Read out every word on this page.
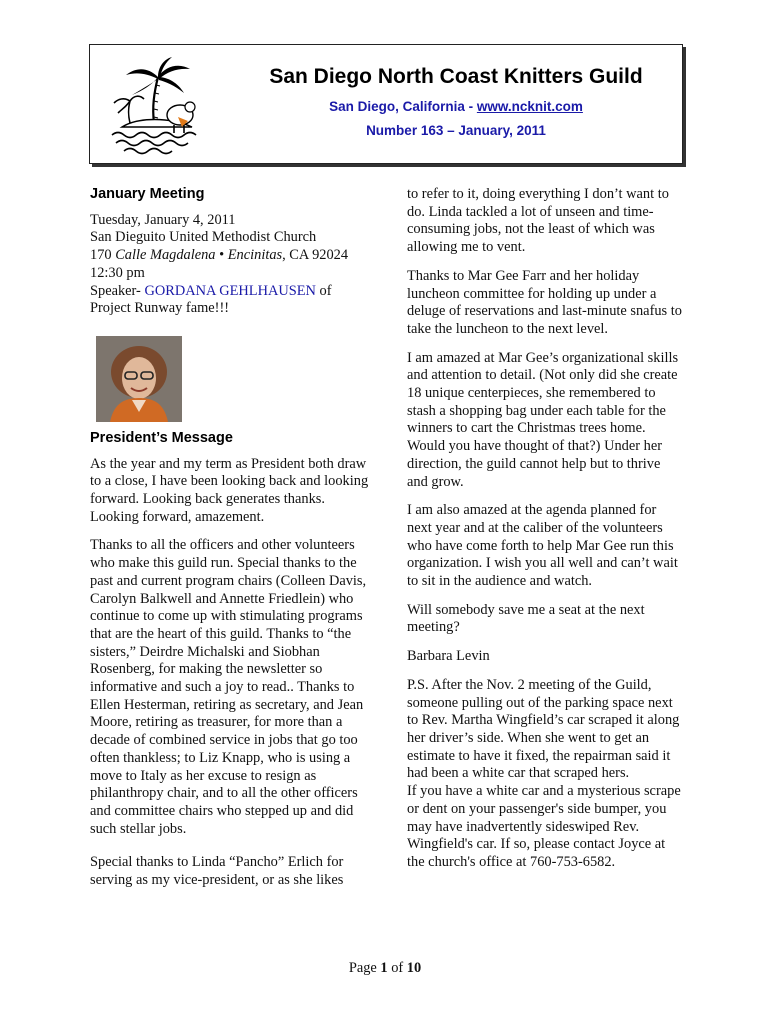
San Diego North Coast Knitters Guild
San Diego, California - www.ncknit.com
Number 163 – January, 2011
January Meeting
Tuesday, January 4, 2011
San Dieguito United Methodist Church
170 Calle Magdalena • Encinitas, CA 92024
12:30 pm
Speaker- GORDANA GEHLHAUSEN of
Project Runway fame!!!
President’s Message

As the year and my term as President both draw to a close, I have been looking back and looking forward. Looking back generates thanks. Looking forward, amazement.

Thanks to all the officers and other volunteers who make this guild run. Special thanks to the past and current program chairs (Colleen Davis, Carolyn Balkwell and Annette Friedlein) who continue to come up with stimulating programs that are the heart of this guild. Thanks to “the sisters,” Deirdre Michalski and Siobhan Rosenberg, for making the newsletter so informative and such a joy to read.. Thanks to Ellen Hesterman, retiring as secretary, and Jean Moore, retiring as treasurer, for more than a decade of combined service in jobs that go too often thankless; to Liz Knapp, who is using a move to Italy as her excuse to resign as philanthropy chair, and to all the other officers and committee chairs who stepped up and did such stellar jobs.

Special thanks to Linda “Pancho” Erlich for serving as my vice-president, or as she likes

to refer to it, doing everything I don’t want to do. Linda tackled a lot of unseen and time-consuming jobs, not the least of which was allowing me to vent.

Thanks to Mar Gee Farr and her holiday luncheon committee for holding up under a deluge of reservations and last-minute snafus to take the luncheon to the next level.

I am amazed at Mar Gee’s organizational skills and attention to detail. (Not only did she create 18 unique centerpieces, she remembered to stash a shopping bag under each table for the winners to cart the Christmas trees home. Would you have thought of that?) Under her direction, the guild cannot help but to thrive and grow.

I am also amazed at the agenda planned for next year and at the caliber of the volunteers who have come forth to help Mar Gee run this organization. I wish you all well and can’t wait to sit in the audience and watch.

Will somebody save me a seat at the next meeting?

Barbara Levin

P.S. After the Nov. 2 meeting of the Guild, someone pulling out of the parking space next to Rev. Martha Wingfield’s car scraped it along her driver’s side. When she went to get an estimate to have it fixed, the repairman said it had been a white car that scraped hers.
If you have a white car and a mysterious scrape or dent on your passenger's side bumper, you may have inadvertently sideswiped Rev. Wingfield's car. If so, please contact Joyce at the church's office at 760-753-6582.

Page 1 of 10
